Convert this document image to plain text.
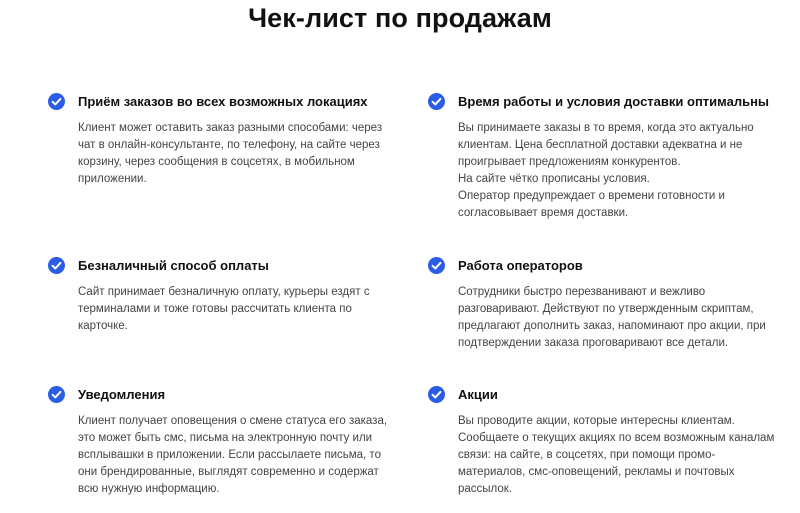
Чек-лист по продажам
Приём заказов во всех возможных локациях

Клиент может оставить заказ разными способами: через чат в онлайн-консультанте, по телефону, на сайте через корзину, через сообщения в соцсетях, в мобильном приложении.

Безналичный способ оплаты

Сайт принимает безналичную оплату, курьеры ездят с терминалами и тоже готовы рассчитать клиента по карточке.

Уведомления

Клиент получает оповещения о смене статуса его заказа, это может быть смс, письма на электронную почту или всплывашки в приложении. Если рассылаете письма, то они брендированные, выглядят современно и содержат всю нужную информацию.

Время работы и условия доставки оптимальны

Вы принимаете заказы в то время, когда это актуально клиентам. Цена бесплатной доставки адекватна и не проигрывает предложениям конкурентов.

На сайте чётко прописаны условия.

Оператор предупреждает о времени готовности и согласовывает время доставки.

Работа операторов

Сотрудники быстро перезванивают и вежливо разговаривают. Действуют по утвержденным скриптам, предлагают дополнить заказ, напоминают про акции, при подтверждении заказа проговаривают все детали.

Акции

Вы проводите акции, которые интересны клиентам. Сообщаете о текущих акциях по всем возможным каналам связи: на сайте, в соцсетях, при помощи промо-материалов, смс-оповещений, рекламы и почтовых рассылок.
